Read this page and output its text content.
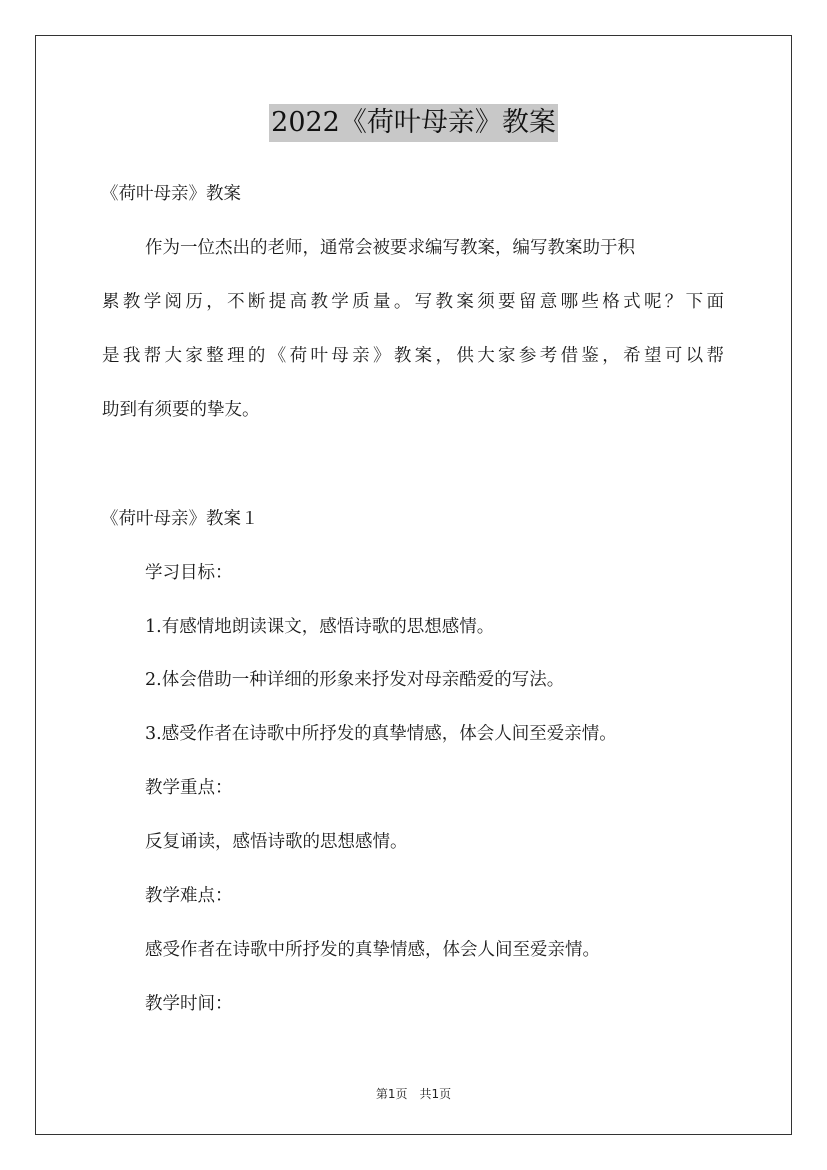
2022《荷叶母亲》教案
《荷叶母亲》教案
作为一位杰出的老师，通常会被要求编写教案，编写教案助于积
累教学阅历，不断提高教学质量。写教案须要留意哪些格式呢？下面
是我帮大家整理的《荷叶母亲》教案，供大家参考借鉴，希望可以帮
助到有须要的挚友。
《荷叶母亲》教案１
学习目标：
1.有感情地朗读课文，感悟诗歌的思想感情。
2.体会借助一种详细的形象来抒发对母亲酷爱的写法。
3.感受作者在诗歌中所抒发的真挚情感，体会人间至爱亲情。
教学重点：
反复诵读，感悟诗歌的思想感情。
教学难点：
感受作者在诗歌中所抒发的真挚情感，体会人间至爱亲情。
教学时间：
第1页　共1页
